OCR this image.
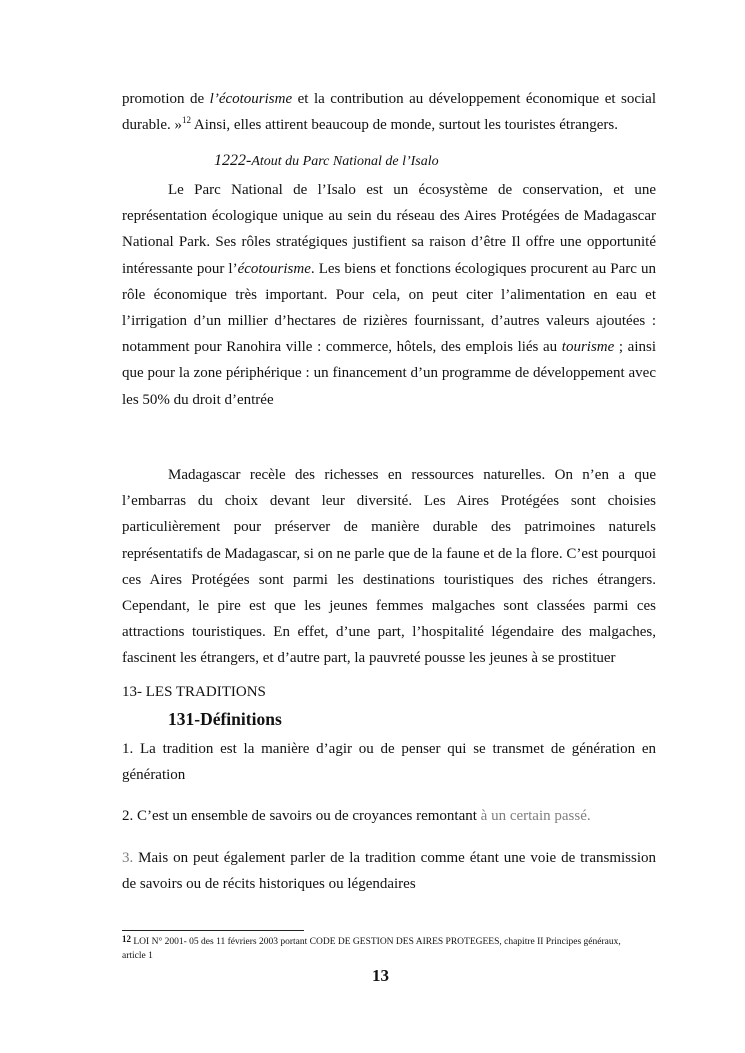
promotion de l’écotourisme et la contribution au développement économique et social durable. »$^{12}$ Ainsi, elles attirent beaucoup de monde, surtout les touristes étrangers.

1222-Atout du Parc National de l’Isalo

Le Parc National de l’Isalo est un écosystème de conservation, et une représentation écologique unique au sein du réseau des Aires Protégées de Madagascar National Park. Ses rôles stratégiques justifient sa raison d’être Il offre une opportunité intéressante pour l’écotourisme. Les biens et fonctions écologiques procurent au Parc un rôle économique très important. Pour cela, on peut citer l’alimentation en eau et l’irrigation d’un millier d’hectares de rizières fournissant, d’autres valeurs ajoutées : notamment pour Ranohira ville : commerce, hôtels, des emplois liés au tourisme ; ainsi que pour la zone périphérique : un financement d’un programme de développement avec les 50% du droit d’entrée

Madagascar recèle des richesses en ressources naturelles. On n’en a que l’embarras du choix devant leur diversité. Les Aires Protégées sont choisies particulièrement pour préserver de manière durable des patrimoines naturels représentatifs de Madagascar, si on ne parle que de la faune et de la flore. C’est pourquoi ces Aires Protégées sont parmi les destinations touristiques des riches étrangers. Cependant, le pire est que les jeunes femmes malgaches sont classées parmi ces attractions touristiques. En effet, d’une part, l’hospitalité légendaire des malgaches, fascinent les étrangers, et d’autre part, la pauvreté pousse les jeunes à se prostituer

13- LES TRADITIONS

131-Définitions

1. La tradition est la manière d’agir ou de penser qui se transmet de génération en génération

2. C’est un ensemble de savoirs ou de croyances remontant à un certain passé.

3. Mais on peut également parler de la tradition comme étant une voie de transmission de savoirs ou de récits historiques ou légendaires

$^{12}$ LOI N° 2001- 05 des 11 févriers 2003 portant CODE DE GESTION DES AIRES PROTEGEES, chapitre II Principes généraux, article 1

13
